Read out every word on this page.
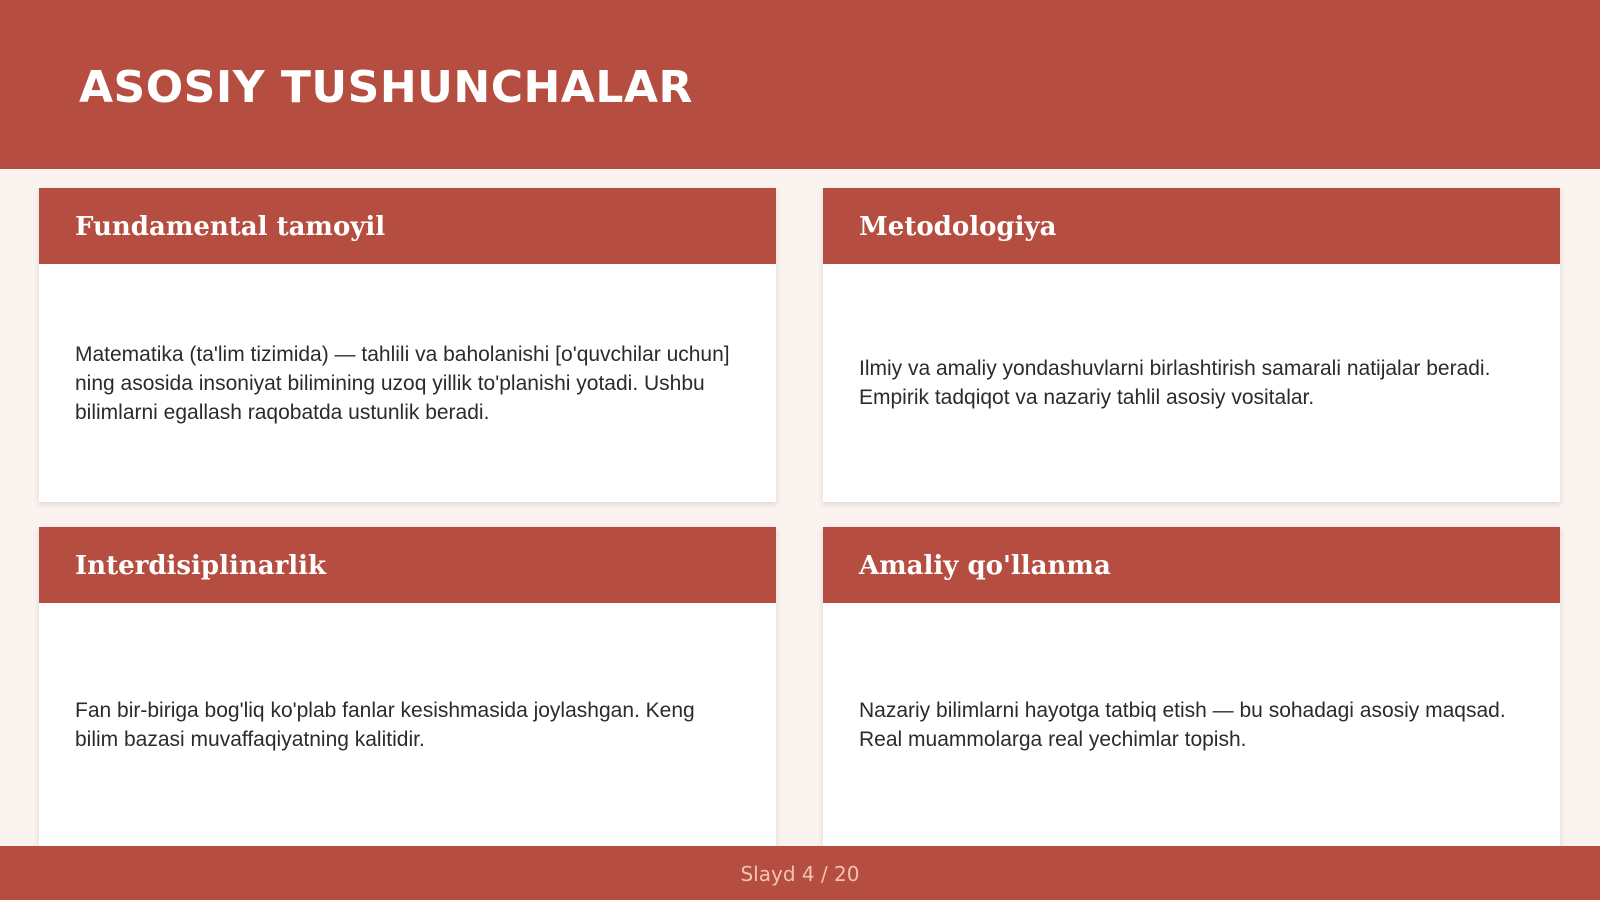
ASOSIY TUSHUNCHALAR
Fundamental tamoyil

Matematika (ta'lim tizimida) — tahlili va baholanishi [o'quvchilar uchun] ning asosida insoniyat bilimining uzoq yillik to'planishi yotadi. Ushbu bilimlarni egallash raqobatda ustunlik beradi.

Metodologiya

Ilmiy va amaliy yondashuvlarni birlashtirish samarali natijalar beradi. Empirik tadqiqot va nazariy tahlil asosiy vositalar.

Interdisiplinarlik

Fan bir-biriga bog'liq ko'plab fanlar kesishmasida joylashgan. Keng bilim bazasi muvaffaqiyatning kalitidir.

Amaliy qo'llanma

Nazariy bilimlarni hayotga tatbiq etish — bu sohadagi asosiy maqsad. Real muammolarga real yechimlar topish.

Slayd 4 / 20
